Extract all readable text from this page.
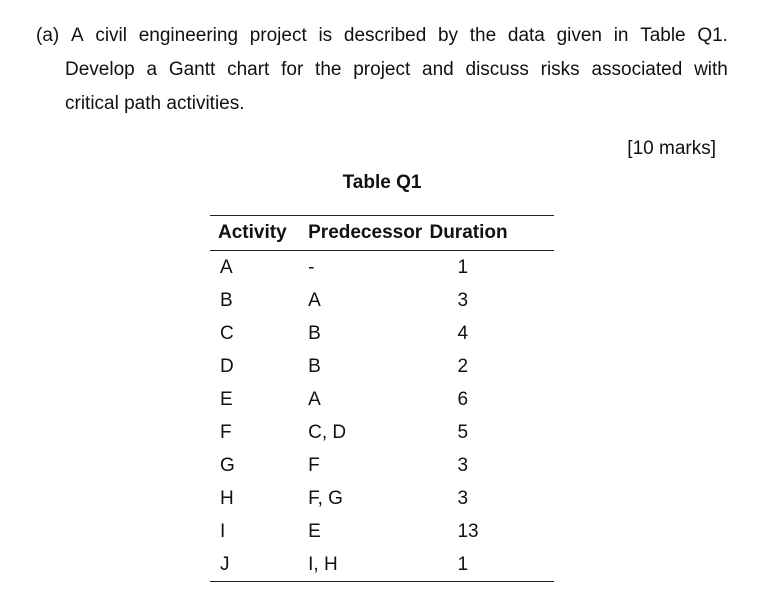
(a) A civil engineering project is described by the data given in Table Q1.
Develop a Gantt chart for the project and discuss risks associated with
critical path activities.
[10 marks]
Table Q1
Activity	Predecessor	Duration
A	-	1
B	A	3
C	B	4
D	B	2
E	A	6
F	C, D	5
G	F	3
H	F, G	3
I	E	13
J	I, H	1
